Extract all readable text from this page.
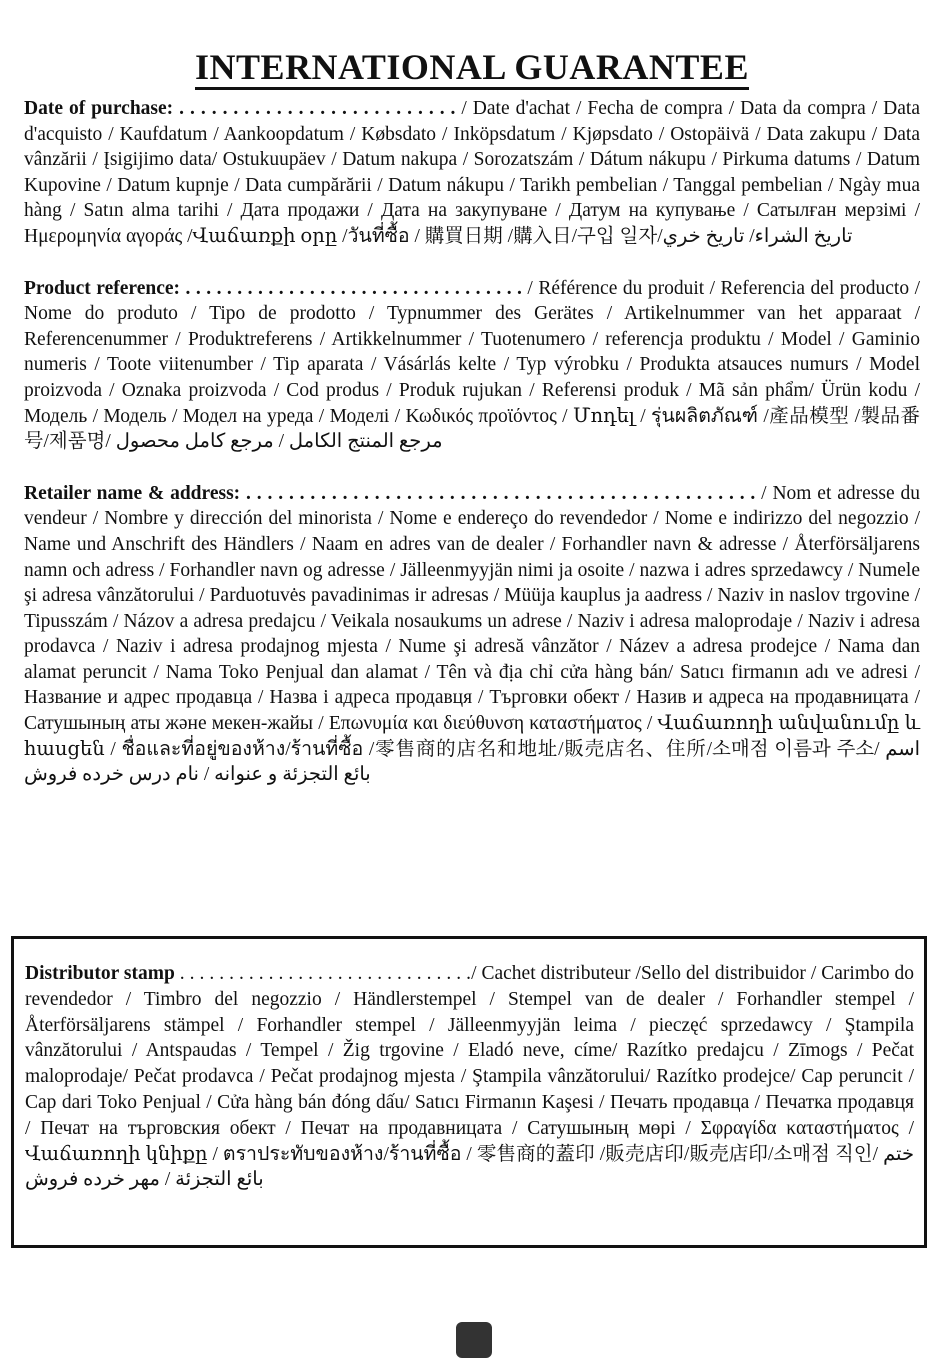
INTERNATIONAL GUARANTEE

Date of purchase: . . . . . . . . . . . . . . . . . . . . . . . . . . / Date d'achat / Fecha de compra / Data da compra / Data d'acquisto / Kaufdatum / Aankoopdatum / Købsdato / Inköpsdatum / Kjøpsdato / Ostopäivä / Data zakupu / Data vânzării / Įsigijimo data/ Ostukuupäev / Datum nakupa / Sorozatszám / Dátum nákupu / Pirkuma datums / Datum Kupovine / Datum kupnje / Data cumpărării / Datum nákupu / Tarikh pembelian / Tanggal pembelian / Ngày mua hàng / Satın alma tarihi / Дата продажи / Дата на закупуване / Датум на купување / Сатылған мерзімі / Ημερομηνία αγοράς /Վաճառքի օրը /วันที่ซื้อ / 購買日期 /購入日/구입 일자/تاريخ الشراء/ تاريخ خري

Product reference: . . . . . . . . . . . . . . . . . . . . . . . . . . . . . . . . . / Référence du produit / Referencia del producto / Nome do produto / Tipo de prodotto / Typnummer des Gerätes / Artikelnummer van het apparaat / Referencenummer / Produktreferens / Artikkelnummer / Tuotenumero / referencja produktu / Model / Gaminio numeris / Toote viitenumber / Tip aparata / Vásárlás kelte / Typ výrobku / Produkta atsauces numurs / Model proizvoda / Oznaka proizvoda / Cod produs / Produk rujukan / Referensi produk / Mã sản phẩm/ Ürün kodu / Модель / Модель / Модел на уреда / Моделі / Κωδικός προϊόντος / Մոդել / รุ่นผลิตภัณฑ์ /產品模型 /製品番号/제품명/ مرجع المنتج الكامل / مرجع كامل محصول

Retailer name & address: . . . . . . . . . . . . . . . . . . . . . . . . . . . . . . . . . . . . . . . . . . . . . . . . / Nom et adresse du vendeur / Nombre y dirección del minorista / Nome e endereço do revendedor / Nome e indirizzo del negozzio / Name und Anschrift des Händlers / Naam en adres van de dealer / Forhandler navn & adresse / Återförsäljarens namn och adress / Forhandler navn og adresse / Jälleenmyyjän nimi ja osoite / nazwa i adres sprzedawcy / Numele şi adresa vânzătorului / Parduotuvės pavadinimas ir adresas / Müüja kauplus ja aadress / Naziv in naslov trgovine / Tipusszám / Názov a adresa predajcu / Veikala nosaukums un adrese / Naziv i adresa maloprodaje / Naziv i adresa prodavca / Naziv i adresa prodajnog mjesta / Nume şi adresă vânzător / Název a adresa prodejce / Nama dan alamat peruncit / Nama Toko Penjual dan alamat / Tên và địa chỉ cửa hàng bán/ Satıcı firmanın adı ve adresi / Название и адрес продавца / Назва і адреса продавця / Търговки обект / Назив и адреса на продавницата / Сатушының аты және мекен-жайы / Επωνυμία και διεύθυνση καταστήματος / Վաճառողի անվանումը և հասցեն / ชื่อและที่อยู่ของห้าง/ร้านที่ซื้อ /零售商的店名和地址/販売店名、住所/소매점 이름과 주소/ اسم بائع التجزئة و عنوانه / نام درس خرده فروش

Distributor stamp . . . . . . . . . . . . . . . . . . . . . . . . . . . . . ./ Cachet distributeur /Sello del distribuidor / Carimbo do revendedor / Timbro del negozzio / Händlerstempel / Stempel van de dealer / Forhandler stempel / Återförsäljarens stämpel / Forhandler stempel / Jälleenmyyjän leima / pieczęć sprzedawcy / Ştampila vânzătorului / Antspaudas / Tempel / Žig trgovine / Eladó neve, címe/ Razítko predajcu / Zīmogs / Pečat maloprodaje/ Pečat prodavca / Pečat prodajnog mjesta / Ştampila vânzătorului/ Razítko prodejce/ Cap peruncit / Cap dari Toko Penjual / Cửa hàng bán đóng dấu/ Satıcı Firmanın Kaşesi / Печать продавца / Печатка продавця / Печат на търговския обект / Печат на продавницата / Сатушының мөрі / Σφραγίδα καταστήματος / Վաճառողի կնիքը / ตราประทับของห้าง/ร้านที่ซื้อ / 零售商的蓋印 /販売店印/販売店印/소매점 직인/ ختم بائع التجزئة / مهر خرده فروش
